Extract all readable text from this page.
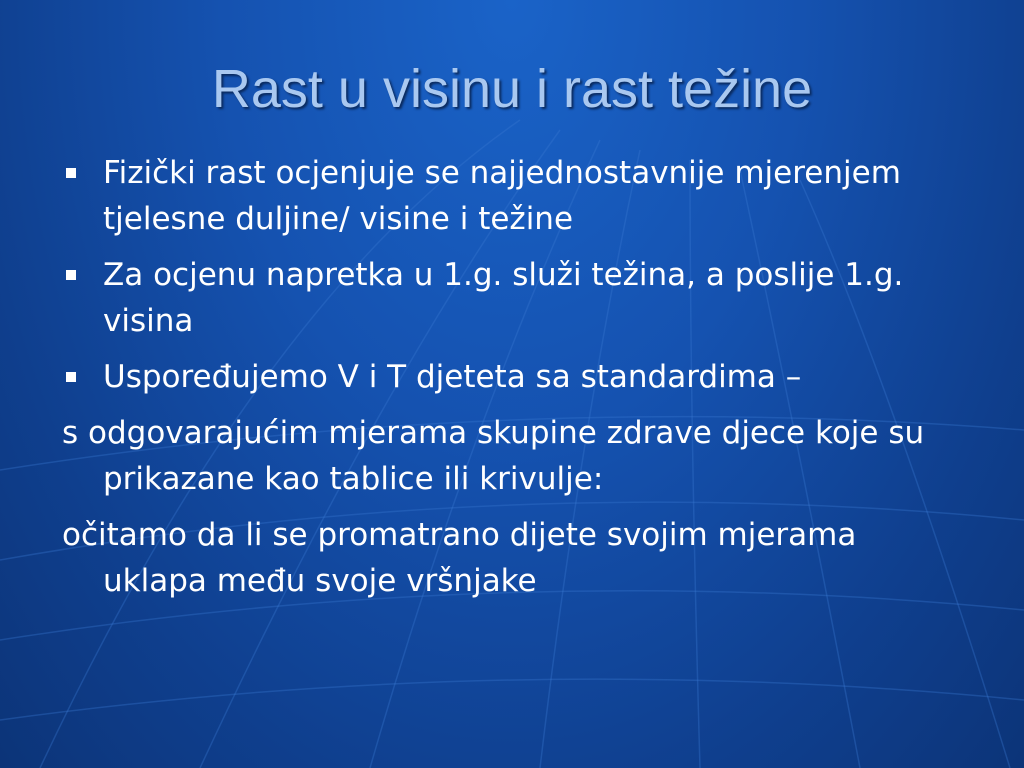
Rast u visinu i rast težine
Fizički rast ocjenjuje se najjednostavnije mjerenjem tjelesne duljine/ visine i težine
Za ocjenu napretka u 1.g. služi težina, a poslije 1.g. visina
Uspoređujemo V i T djeteta sa standardima –
s odgovarajućim mjerama skupine zdrave djece koje su prikazane kao tablice ili krivulje:
očitamo da li se promatrano dijete svojim mjerama uklapa među svoje vršnjake
